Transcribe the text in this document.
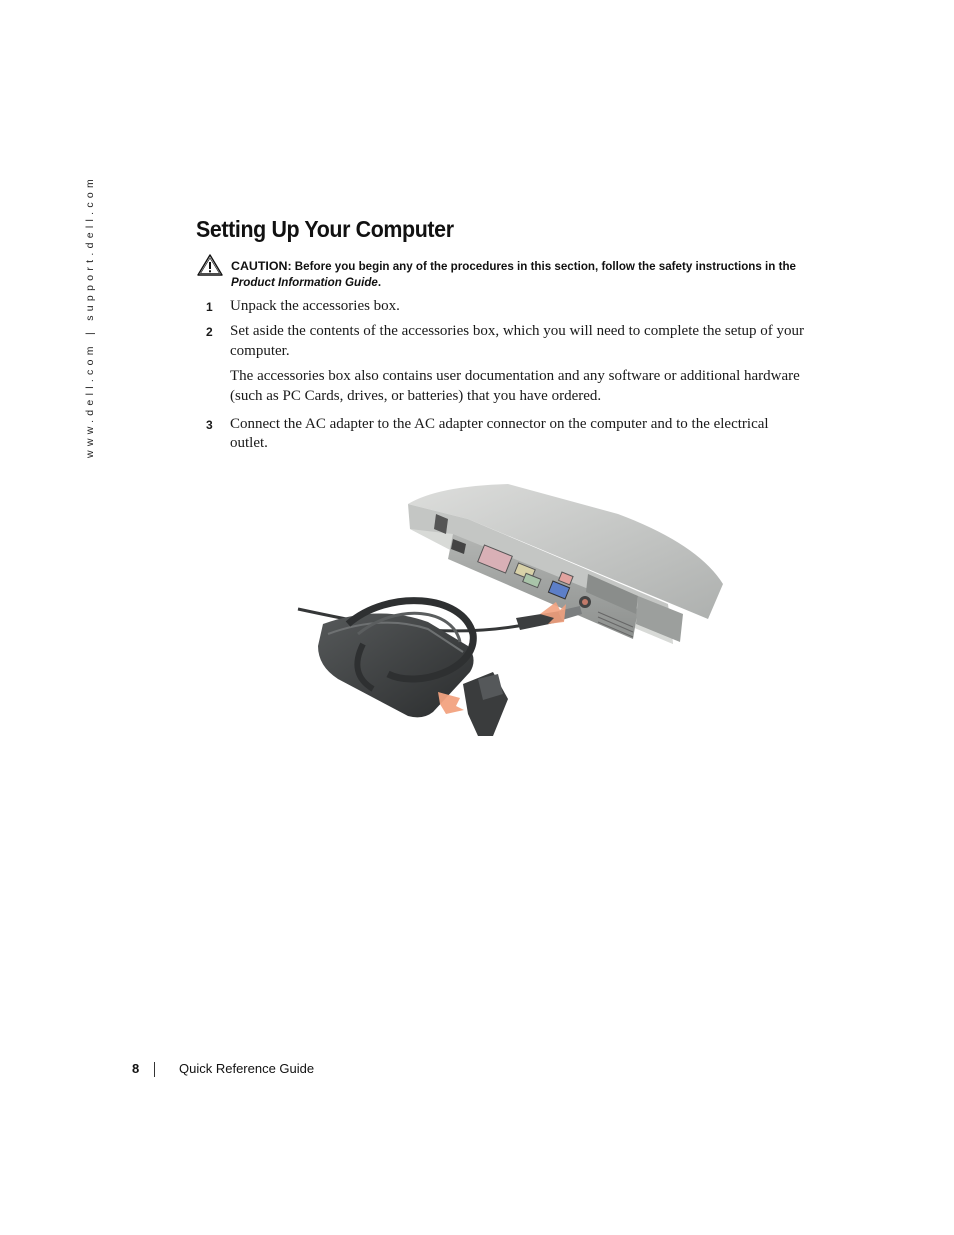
www.dell.com | support.dell.com	Setting Up Your Computer
CAUTION: Before you begin any of the procedures in this section, follow the safety instructions in the Product Information Guide.
1 Unpack the accessories box.
2 Set aside the contents of the accessories box, which you will need to complete the setup of your computer.
The accessories box also contains user documentation and any software or additional hardware (such as PC Cards, drives, or batteries) that you have ordered.
3 Connect the AC adapter to the AC adapter connector on the computer and to the electrical outlet.
8	Quick Reference Guide
